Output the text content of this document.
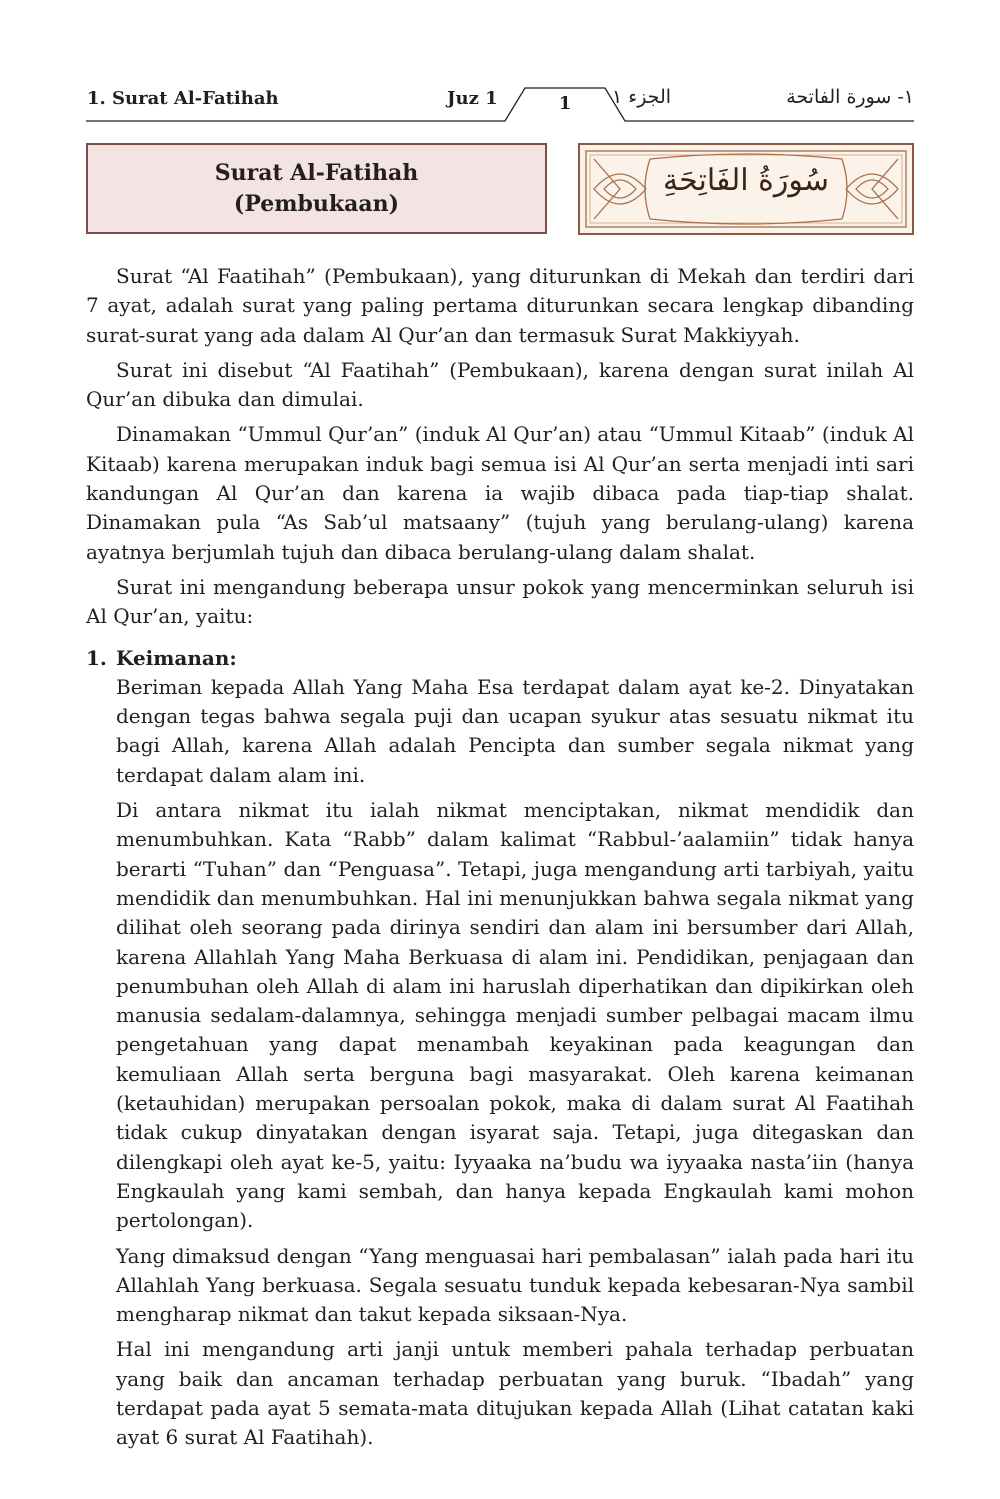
1. Surat Al-Fatihah	Juz 1	1	الجزء ١	١- سورة الفاتحة
Surat Al-Fatihah
(Pembukaan)
سُورَةُ الفَاتِحَةِ

Surat “Al Faatihah” (Pembukaan), yang diturunkan di Mekah dan terdiri dari 7 ayat, adalah surat yang paling pertama diturunkan secara lengkap dibanding surat-surat yang ada dalam Al Qur’an dan termasuk Surat Makkiyyah.

Surat ini disebut “Al Faatihah” (Pembukaan), karena dengan surat inilah Al Qur’an dibuka dan dimulai.

Dinamakan “Ummul Qur’an” (induk Al Qur’an) atau “Ummul Kitaab” (induk Al Kitaab) karena merupakan induk bagi semua isi Al Qur’an serta menjadi inti sari kandungan Al Qur’an dan karena ia wajib dibaca pada tiap-tiap shalat. Dinamakan pula “As Sab’ul matsaany” (tujuh yang berulang-ulang) karena ayatnya berjumlah tujuh dan dibaca berulang-ulang dalam shalat.

Surat ini mengandung beberapa unsur pokok yang mencerminkan seluruh isi Al Qur’an, yaitu:

1. Keimanan:

Beriman kepada Allah Yang Maha Esa terdapat dalam ayat ke-2. Dinyatakan dengan tegas bahwa segala puji dan ucapan syukur atas sesuatu nikmat itu bagi Allah, karena Allah adalah Pencipta dan sumber segala nikmat yang terdapat dalam alam ini.

Di antara nikmat itu ialah nikmat menciptakan, nikmat mendidik dan menumbuhkan. Kata “Rabb” dalam kalimat “Rabbul-’aalamiin” tidak hanya berarti “Tuhan” dan “Penguasa”. Tetapi, juga mengandung arti tarbiyah, yaitu mendidik dan menumbuhkan. Hal ini menunjukkan bahwa segala nikmat yang dilihat oleh seorang pada dirinya sendiri dan alam ini bersumber dari Allah, karena Allahlah Yang Maha Berkuasa di alam ini. Pendidikan, penjagaan dan penumbuhan oleh Allah di alam ini haruslah diperhatikan dan dipikirkan oleh manusia sedalam-dalamnya, sehingga menjadi sumber pelbagai macam ilmu pengetahuan yang dapat menambah keyakinan pada keagungan dan kemuliaan Allah serta berguna bagi masyarakat. Oleh karena keimanan (ketauhidan) merupakan persoalan pokok, maka di dalam surat Al Faatihah tidak cukup dinyatakan dengan isyarat saja. Tetapi, juga ditegaskan dan dilengkapi oleh ayat ke-5, yaitu: Iyyaaka na’budu wa iyyaaka nasta’iin (hanya Engkaulah yang kami sembah, dan hanya kepada Engkaulah kami mohon pertolongan).

Yang dimaksud dengan “Yang menguasai hari pembalasan” ialah pada hari itu Allahlah Yang berkuasa. Segala sesuatu tunduk kepada kebesaran-Nya sambil mengharap nikmat dan takut kepada siksaan-Nya.

Hal ini mengandung arti janji untuk memberi pahala terhadap perbuatan yang baik dan ancaman terhadap perbuatan yang buruk. “Ibadah” yang terdapat pada ayat 5 semata-mata ditujukan kepada Allah (Lihat catatan kaki ayat 6 surat Al Faatihah).
